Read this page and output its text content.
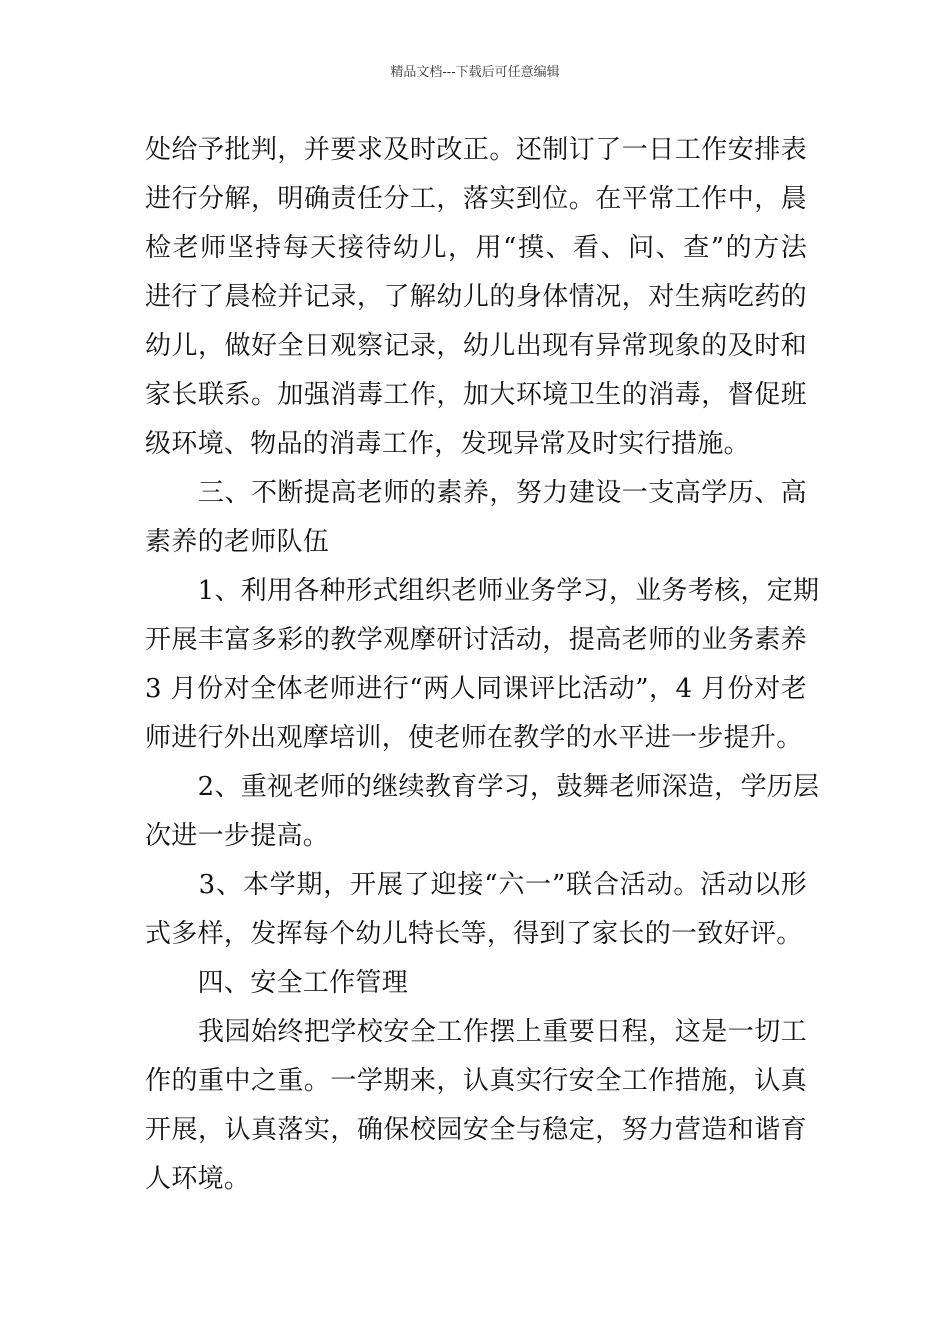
精品文档---下载后可任意编辑
处给予批判，并要求及时改正。还制订了一日工作安排表
进行分解，明确责任分工，落实到位。在平常工作中，晨
检老师坚持每天接待幼儿，用“摸、看、问、查”的方法
进行了晨检并记录，了解幼儿的身体情况，对生病吃药的
幼儿，做好全日观察记录，幼儿出现有异常现象的及时和
家长联系。加强消毒工作，加大环境卫生的消毒，督促班
级环境、物品的消毒工作，发现异常及时实行措施。
　　三、不断提高老师的素养，努力建设一支高学历、高
素养的老师队伍
　　1、利用各种形式组织老师业务学习，业务考核，定期
开展丰富多彩的教学观摩研讨活动，提高老师的业务素养
3 月份对全体老师进行“两人同课评比活动”，4 月份对老
师进行外出观摩培训，使老师在教学的水平进一步提升。
　　2、重视老师的继续教育学习，鼓舞老师深造，学历层
次进一步提高。
　　3、本学期，开展了迎接“六一”联合活动。活动以形
式多样，发挥每个幼儿特长等，得到了家长的一致好评。
　　四、安全工作管理
　　我园始终把学校安全工作摆上重要日程，这是一切工
作的重中之重。一学期来，认真实行安全工作措施，认真
开展，认真落实，确保校园安全与稳定，努力营造和谐育
人环境。
